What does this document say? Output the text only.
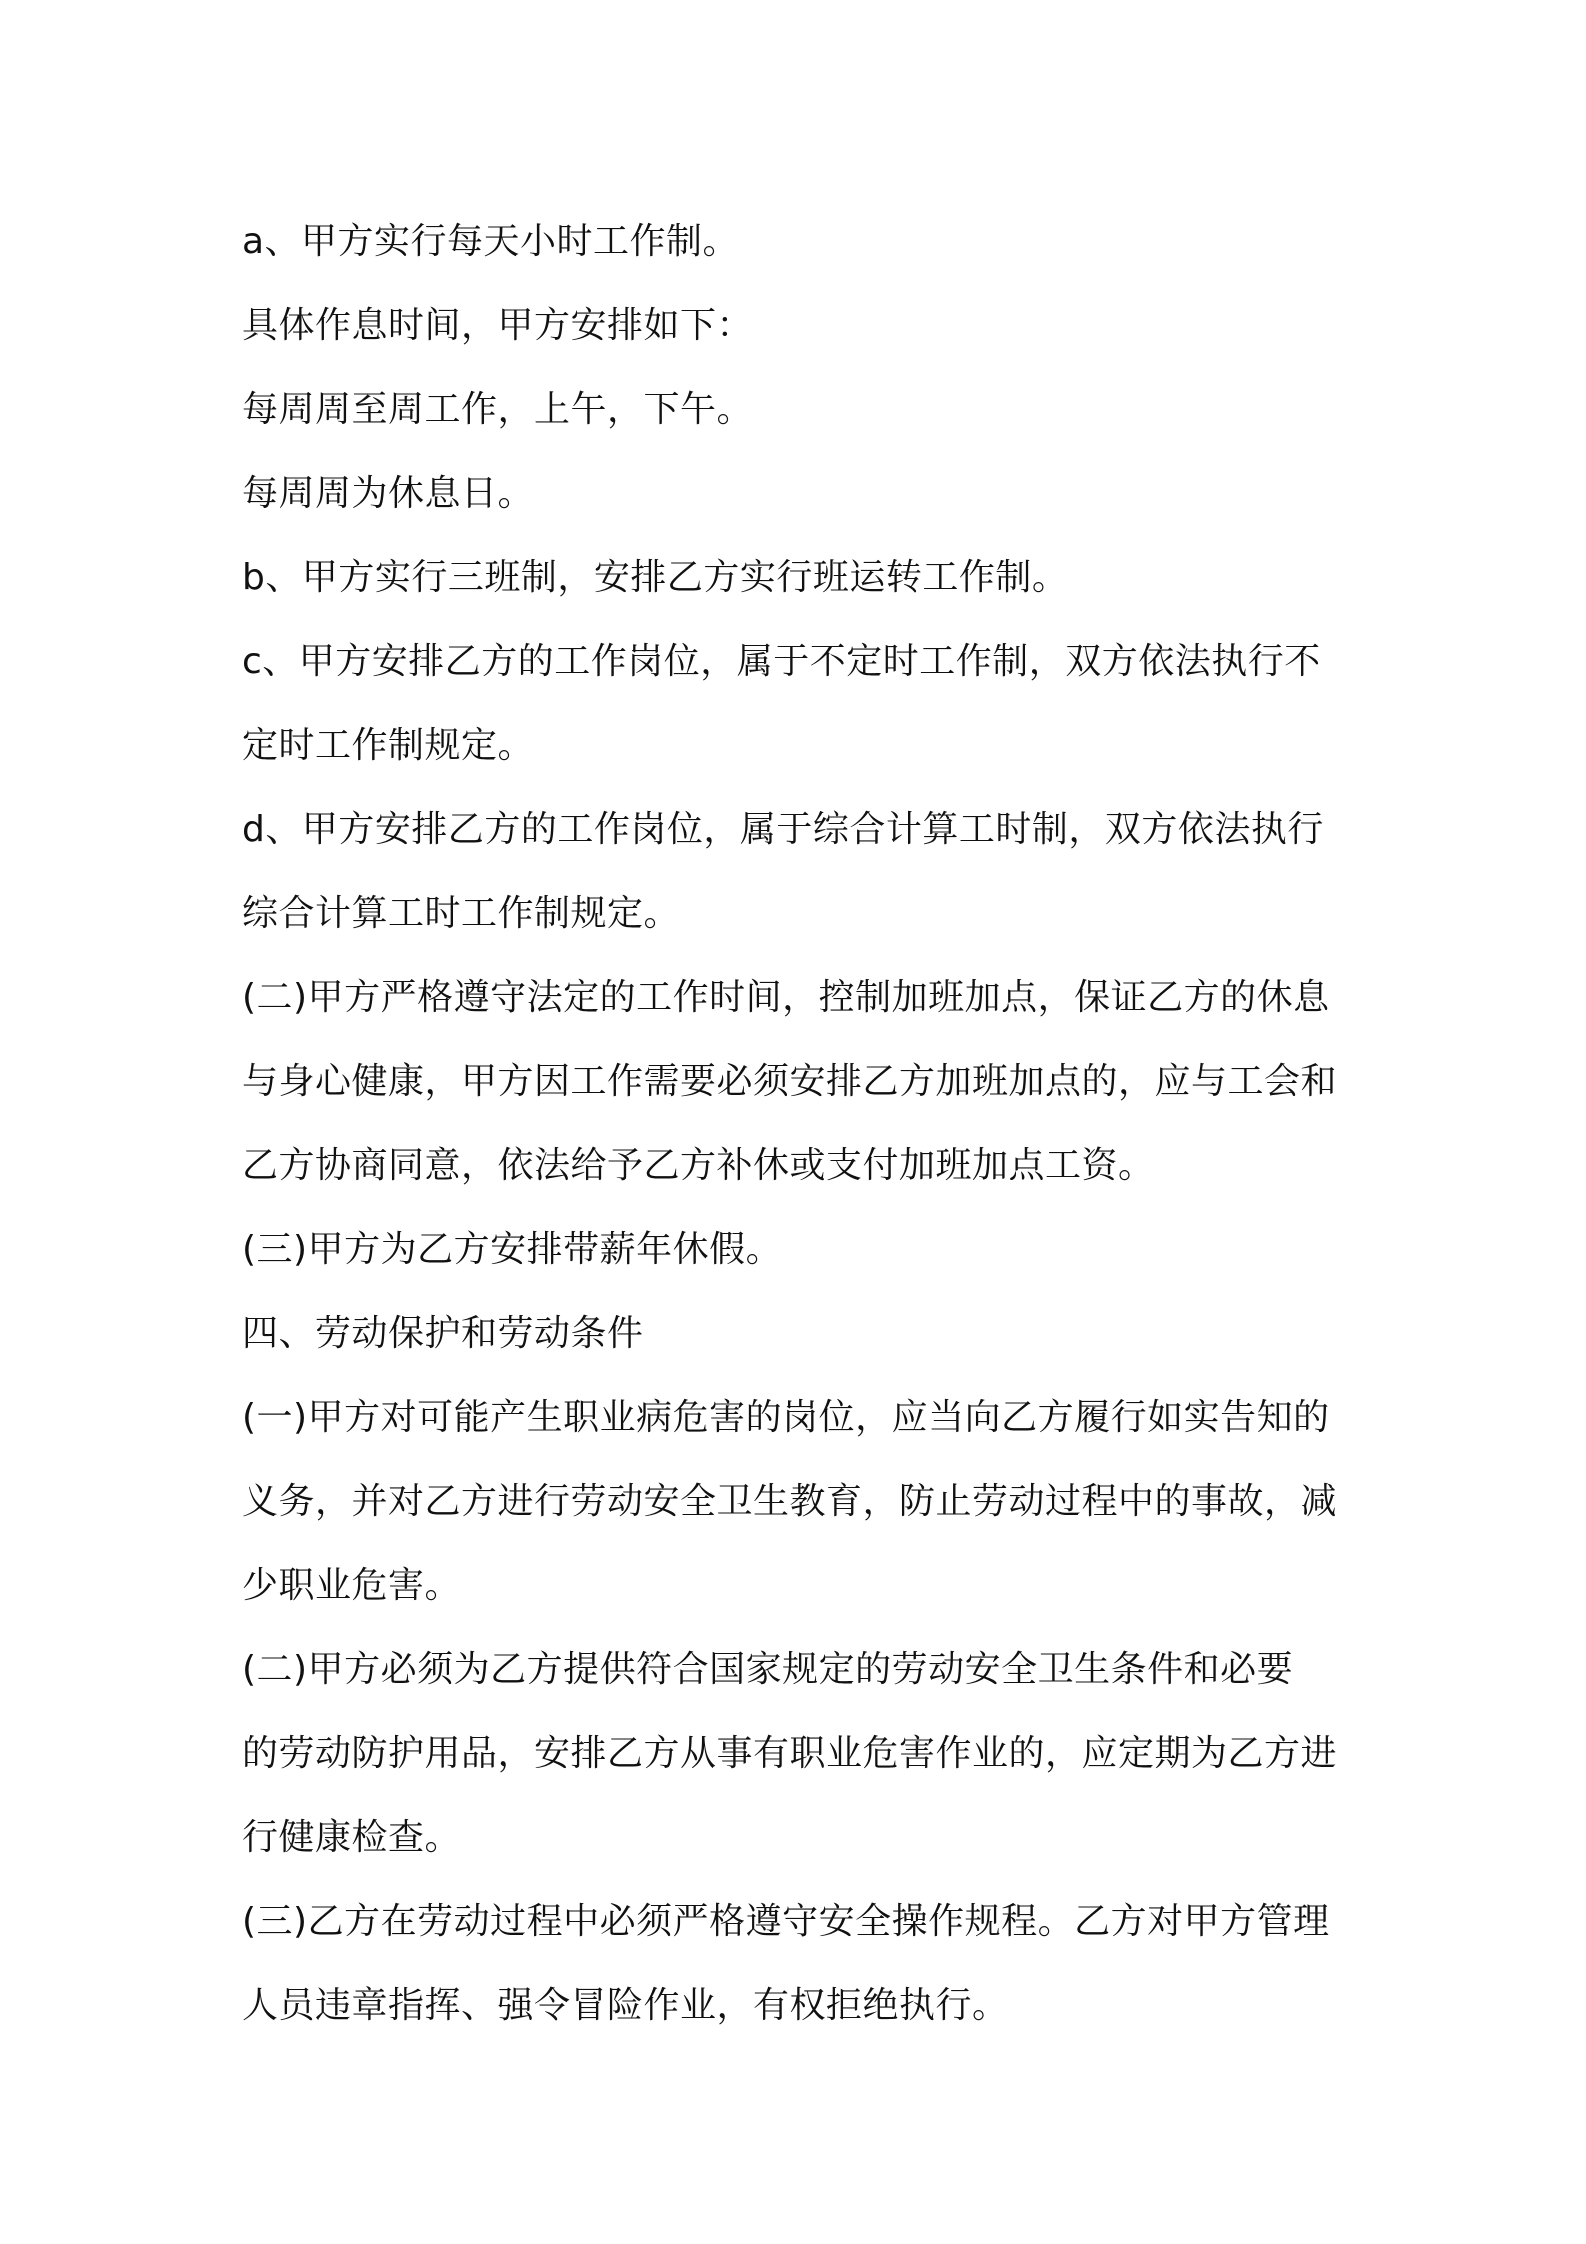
a、甲方实行每天小时工作制。
具体作息时间，甲方安排如下：
每周周至周工作，上午，下午。
每周周为休息日。
b、甲方实行三班制，安排乙方实行班运转工作制。
c、甲方安排乙方的工作岗位，属于不定时工作制，双方依法执行不
定时工作制规定。
d、甲方安排乙方的工作岗位，属于综合计算工时制，双方依法执行
综合计算工时工作制规定。
(二)甲方严格遵守法定的工作时间，控制加班加点，保证乙方的休息
与身心健康，甲方因工作需要必须安排乙方加班加点的，应与工会和
乙方协商同意，依法给予乙方补休或支付加班加点工资。
(三)甲方为乙方安排带薪年休假。
四、劳动保护和劳动条件
(一)甲方对可能产生职业病危害的岗位，应当向乙方履行如实告知的
义务，并对乙方进行劳动安全卫生教育，防止劳动过程中的事故，减
少职业危害。
(二)甲方必须为乙方提供符合国家规定的劳动安全卫生条件和必要
的劳动防护用品，安排乙方从事有职业危害作业的，应定期为乙方进
行健康检查。
(三)乙方在劳动过程中必须严格遵守安全操作规程。乙方对甲方管理
人员违章指挥、强令冒险作业，有权拒绝执行。
